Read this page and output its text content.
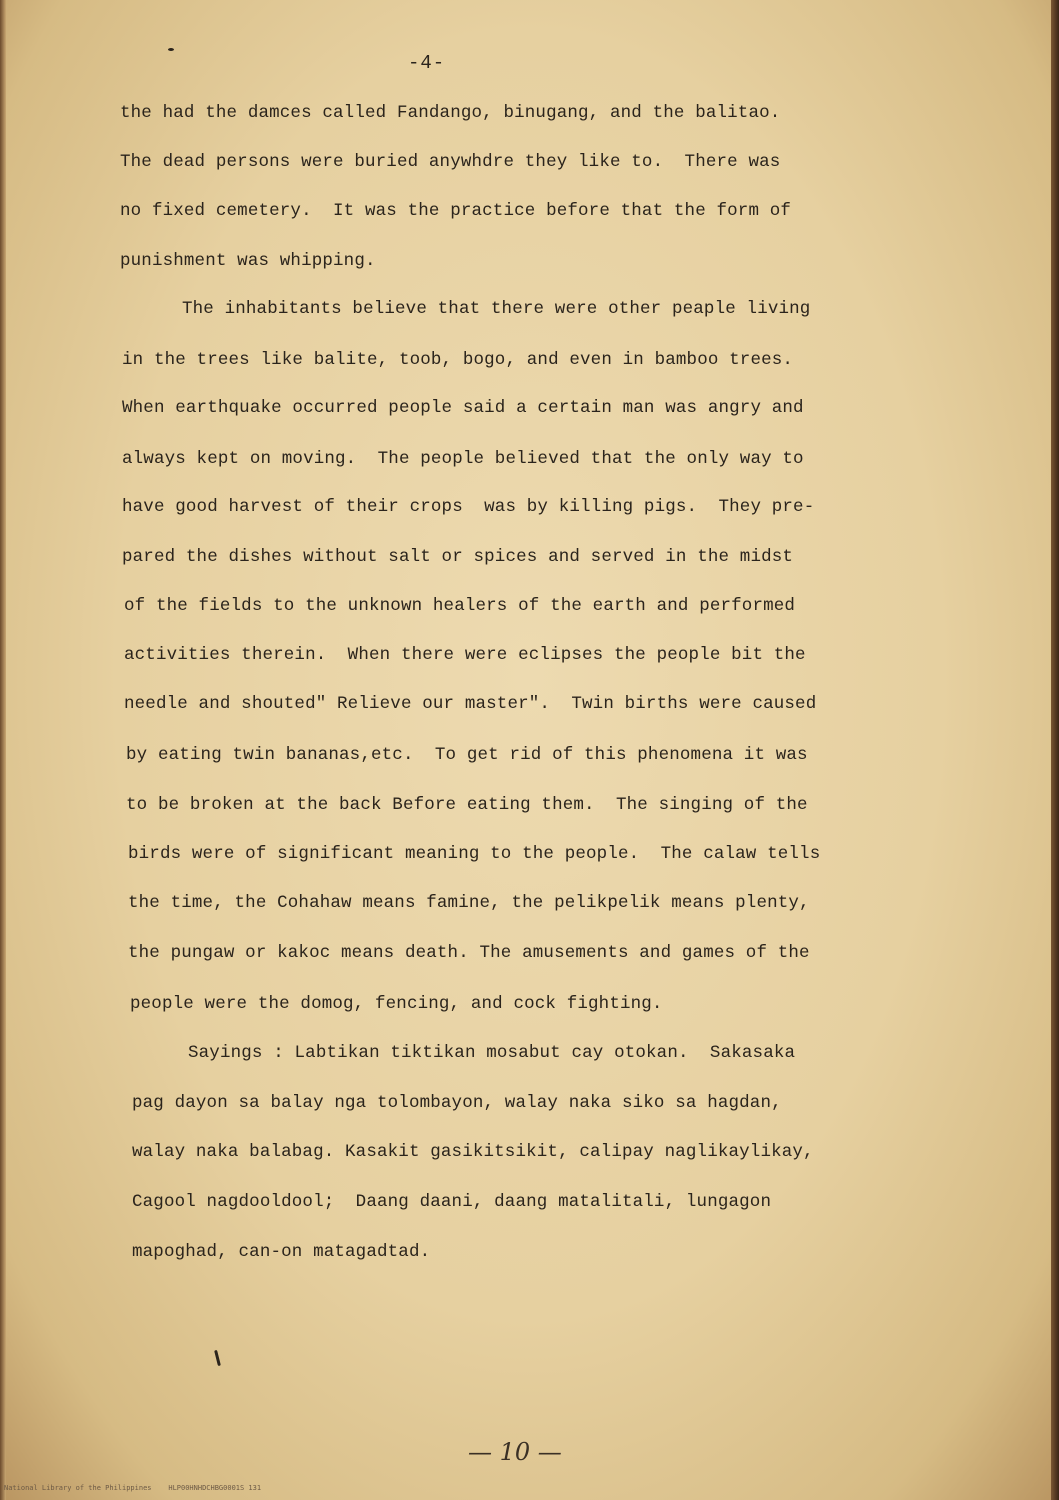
-4-
the had the damces called Fandango, binugang, and the balitao.
The dead persons were buried anywhdre they like to.  There was
no fixed cemetery.  It was the practice before that the form of
punishment was whipping.
The inhabitants believe that there were other peaple living
in the trees like balite, toob, bogo, and even in bamboo trees.
When earthquake occurred people said a certain man was angry and
always kept on moving.  The people believed that the only way to
have good harvest of their crops  was by killing pigs.  They pre-
pared the dishes without salt or spices and served in the midst
of the fields to the unknown healers of the earth and performed
activities therein.  When there were eclipses the people bit the
needle and shouted" Relieve our master".  Twin births were caused
by eating twin bananas,etc.  To get rid of this phenomena it was
to be broken at the back Before eating them.  The singing of the
birds were of significant meaning to the people.  The calaw tells
the time, the Cohahaw means famine, the pelikpelik means plenty,
the pungaw or kakoc means death. The amusements and games of the
people were the domog, fencing, and cock fighting.
Sayings : Labtikan tiktikan mosabut cay otokan.  Sakasaka
pag dayon sa balay nga tolombayon, walay naka siko sa hagdan,
walay naka balabag. Kasakit gasikitsikit, calipay naglikaylikay,
Cagool nagdooldool;  Daang daani, daang matalitali, lungagon
mapoghad, can-on matagadtad.
— 10 —
National Library of the Philippines    HLP00HNHDCHBG0001S 131
